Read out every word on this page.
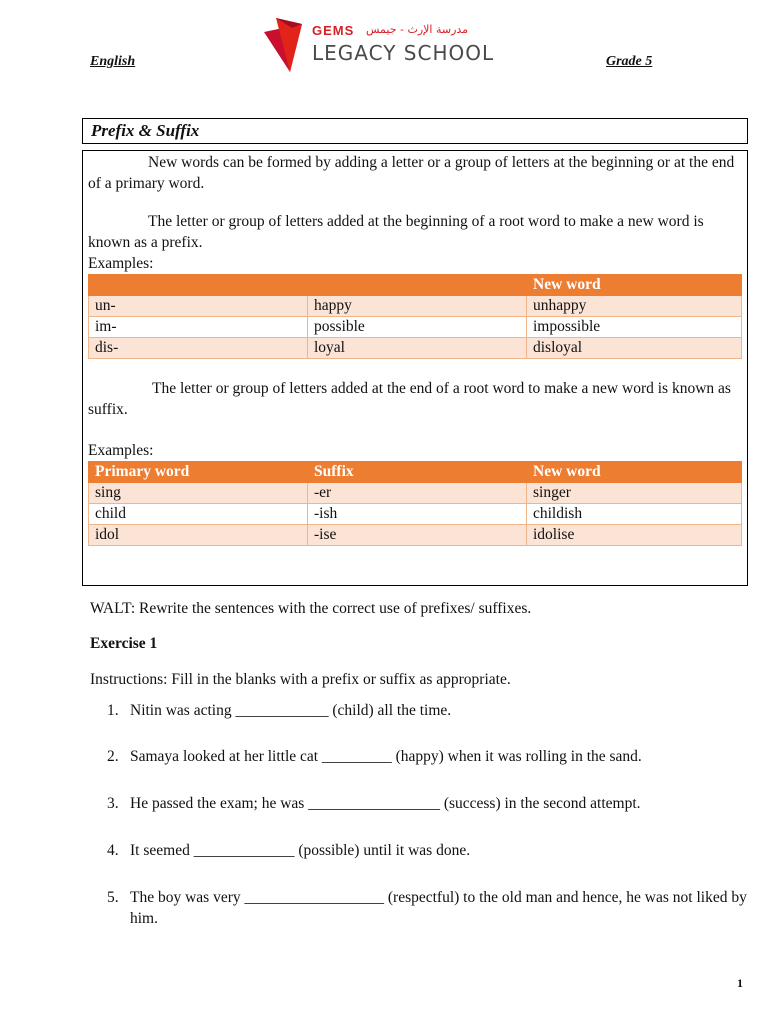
English
GEMS مدرسة الإرث - جيمس
LEGACY SCHOOL	Grade 5
Prefix & Suffix
New words can be formed by adding a letter or a group of letters at the beginning or at the end of a primary word.
The letter or group of letters added at the beginning of a root word to make a new word is known as a prefix.
Examples:
		New word
un-	happy	unhappy
im-	possible	impossible
dis-	loyal	disloyal
The letter or group of letters added at the end of a root word to make a new word is known as suffix.
Examples:
Primary word	Suffix	New word
sing	-er	singer
child	-ish	childish
idol	-ise	idolise
WALT: Rewrite the sentences with the correct use of prefixes/ suffixes.
Exercise 1
Instructions: Fill in the blanks with a prefix or suffix as appropriate.
1. Nitin was acting ____________ (child) all the time.
2. Samaya looked at her little cat _________ (happy) when it was rolling in the sand.
3. He passed the exam; he was _________________ (success) in the second attempt.
4. It seemed _____________ (possible) until it was done.
5. The boy was very __________________ (respectful) to the old man and hence, he was not liked by him.
1
